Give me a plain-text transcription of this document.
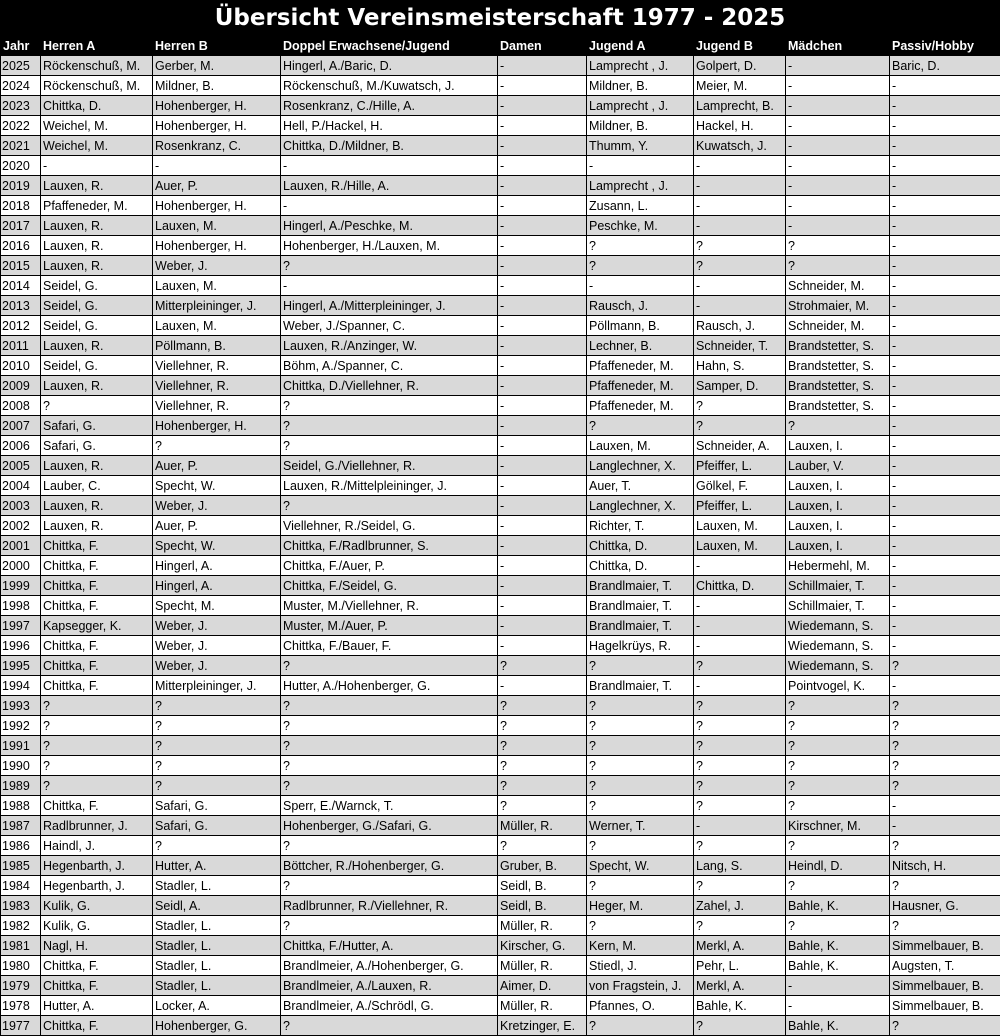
Übersicht Vereinsmeisterschaft 1977 - 2025
Jahr	Herren A	Herren B	Doppel Erwachsene/Jugend	Damen	Jugend A	Jugend B	Mädchen	Passiv/Hobby
2025	Röckenschuß, M.	Gerber, M.	Hingerl, A./Baric, D.	-	Lamprecht , J.	Golpert, D.	-	Baric, D.
2024	Röckenschuß, M.	Mildner, B.	Röckenschuß, M./Kuwatsch, J.	-	Mildner, B.	Meier, M.	-	-
2023	Chittka, D.	Hohenberger, H.	Rosenkranz, C./Hille, A.	-	Lamprecht , J.	Lamprecht, B.	-	-
2022	Weichel, M.	Hohenberger, H.	Hell, P./Hackel, H.	-	Mildner, B.	Hackel, H.	-	-
2021	Weichel, M.	Rosenkranz, C.	Chittka, D./Mildner, B.	-	Thumm, Y.	Kuwatsch, J.	-	-
2020	-	-	-	-	-	-	-	-
2019	Lauxen, R.	Auer, P.	Lauxen, R./Hille, A.	-	Lamprecht , J.	-	-	-
2018	Pfaffeneder, M.	Hohenberger, H.	-	-	Zusann, L.	-	-	-
2017	Lauxen, R.	Lauxen, M.	Hingerl, A./Peschke, M.	-	Peschke, M.	-	-	-
2016	Lauxen, R.	Hohenberger, H.	Hohenberger, H./Lauxen, M.	-	?	?	?	-
2015	Lauxen, R.	Weber, J.	?	-	?	?	?	-
2014	Seidel, G.	Lauxen, M.	-	-	-	-	Schneider, M.	-
2013	Seidel, G.	Mitterpleininger, J.	Hingerl, A./Mitterpleininger, J.	-	Rausch, J.	-	Strohmaier, M.	-
2012	Seidel, G.	Lauxen, M.	Weber, J./Spanner, C.	-	Pöllmann, B.	Rausch, J.	Schneider, M.	-
2011	Lauxen, R.	Pöllmann, B.	Lauxen, R./Anzinger, W.	-	Lechner, B.	Schneider, T.	Brandstetter, S.	-
2010	Seidel, G.	Viellehner, R.	Böhm, A./Spanner, C.	-	Pfaffeneder, M.	Hahn, S.	Brandstetter, S.	-
2009	Lauxen, R.	Viellehner, R.	Chittka, D./Viellehner, R.	-	Pfaffeneder, M.	Samper, D.	Brandstetter, S.	-
2008	?	Viellehner, R.	?	-	Pfaffeneder, M.	?	Brandstetter, S.	-
2007	Safari, G.	Hohenberger, H.	?	-	?	?	?	-
2006	Safari, G.	?	?	-	Lauxen, M.	Schneider, A.	Lauxen, I.	-
2005	Lauxen, R.	Auer, P.	Seidel, G./Viellehner, R.	-	Langlechner, X.	Pfeiffer, L.	Lauber, V.	-
2004	Lauber, C.	Specht, W.	Lauxen, R./Mittelpleininger, J.	-	Auer, T.	Gölkel, F.	Lauxen, I.	-
2003	Lauxen, R.	Weber, J.	?	-	Langlechner, X.	Pfeiffer, L.	Lauxen, I.	-
2002	Lauxen, R.	Auer, P.	Viellehner, R./Seidel, G.	-	Richter, T.	Lauxen, M.	Lauxen, I.	-
2001	Chittka, F.	Specht, W.	Chittka, F./Radlbrunner, S.	-	Chittka, D.	Lauxen, M.	Lauxen, I.	-
2000	Chittka, F.	Hingerl, A.	Chittka, F./Auer, P.	-	Chittka, D.	-	Hebermehl, M.	-
1999	Chittka, F.	Hingerl, A.	Chittka, F./Seidel, G.	-	Brandlmaier, T.	Chittka, D.	Schillmaier, T.	-
1998	Chittka, F.	Specht, M.	Muster, M./Viellehner, R.	-	Brandlmaier, T.	-	Schillmaier, T.	-
1997	Kapsegger, K.	Weber, J.	Muster, M./Auer, P.	-	Brandlmaier, T.	-	Wiedemann, S.	-
1996	Chittka, F.	Weber, J.	Chittka, F./Bauer, F.	-	Hagelkrüys, R.	-	Wiedemann, S.	-
1995	Chittka, F.	Weber, J.	?	?	?	?	Wiedemann, S.	?
1994	Chittka, F.	Mitterpleininger, J.	Hutter, A./Hohenberger, G.	-	Brandlmaier, T.	-	Pointvogel, K.	-
1993	?	?	?	?	?	?	?	?
1992	?	?	?	?	?	?	?	?
1991	?	?	?	?	?	?	?	?
1990	?	?	?	?	?	?	?	?
1989	?	?	?	?	?	?	?	?
1988	Chittka, F.	Safari, G.	Sperr, E./Warnck, T.	?	?	?	?	-
1987	Radlbrunner, J.	Safari, G.	Hohenberger, G./Safari, G.	Müller, R.	Werner, T.	-	Kirschner, M.	-
1986	Haindl, J.	?	?	?	?	?	?	?
1985	Hegenbarth, J.	Hutter, A.	Böttcher, R./Hohenberger, G.	Gruber, B.	Specht, W.	Lang, S.	Heindl, D.	Nitsch, H.
1984	Hegenbarth, J.	Stadler, L.	?	Seidl, B.	?	?	?	?
1983	Kulik, G.	Seidl, A.	Radlbrunner, R./Viellehner, R.	Seidl, B.	Heger, M.	Zahel, J.	Bahle, K.	Hausner, G.
1982	Kulik, G.	Stadler, L.	?	Müller, R.	?	?	?	?
1981	Nagl, H.	Stadler, L.	Chittka, F./Hutter, A.	Kirscher, G.	Kern, M.	Merkl, A.	Bahle, K.	Simmelbauer, B.
1980	Chittka, F.	Stadler, L.	Brandlmeier, A./Hohenberger, G.	Müller, R.	Stiedl, J.	Pehr, L.	Bahle, K.	Augsten, T.
1979	Chittka, F.	Stadler, L.	Brandlmeier, A./Lauxen, R.	Aimer, D.	von Fragstein, J.	Merkl, A.	-	Simmelbauer, B.
1978	Hutter, A.	Locker, A.	Brandlmeier, A./Schrödl, G.	Müller, R.	Pfannes, O.	Bahle, K.	-	Simmelbauer, B.
1977	Chittka, F.	Hohenberger, G.	?	Kretzinger, E.	?	?	Bahle, K.	?
